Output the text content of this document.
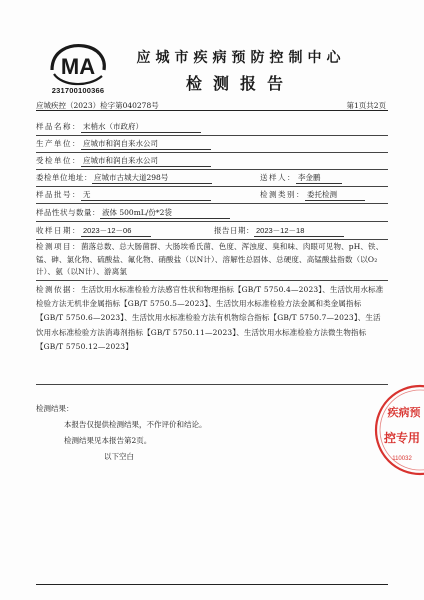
MA
231700100366
应城市疾病预防控制中心
检测报告
应城疾控（2023）检字第040278号	第1页共2页
样品名称： 末梢水（市政府）
生产单位： 应城市和润自来水公司
受检单位： 应城市和润自来水公司
委检单位地址： 应城市古城大道298号	送样人： 李金鹏
样品批号： 无	检测类别： 委托检测
样品性状与数量： 液体 500mL/份*2袋
收样日期： 2023－12－06	报告日期： 2023－12－18
检测项目：菌落总数、总大肠菌群、大肠埃希氏菌、色度、浑浊度、臭和味、肉眼可见物、pH、铁、锰、砷、氯化物、硫酸盐、氟化物、硝酸盐（以N计）、溶解性总固体、总硬度、高锰酸盐指数（以O₂计）、氨（以N计）、游离氯
检测依据：生活饮用水标准检验方法感官性状和物理指标【GB/T 5750.4—2023】、生活饮用水标准检验方法无机非金属指标【GB/T 5750.5—2023】、生活饮用水标准检验方法金属和类金属指标【GB/T 5750.6—2023】、生活饮用水标准检验方法有机物综合指标【GB/T 5750.7—2023】、生活饮用水标准检验方法消毒剂指标【GB/T 5750.11—2023】、生活饮用水标准检验方法微生物指标【GB/T 5750.12—2023】
检测结果：
本报告仅提供检测结果，不作评价和结论。
检测结果见本报告第2页。
以下空白
疾病预
控专用
110032
